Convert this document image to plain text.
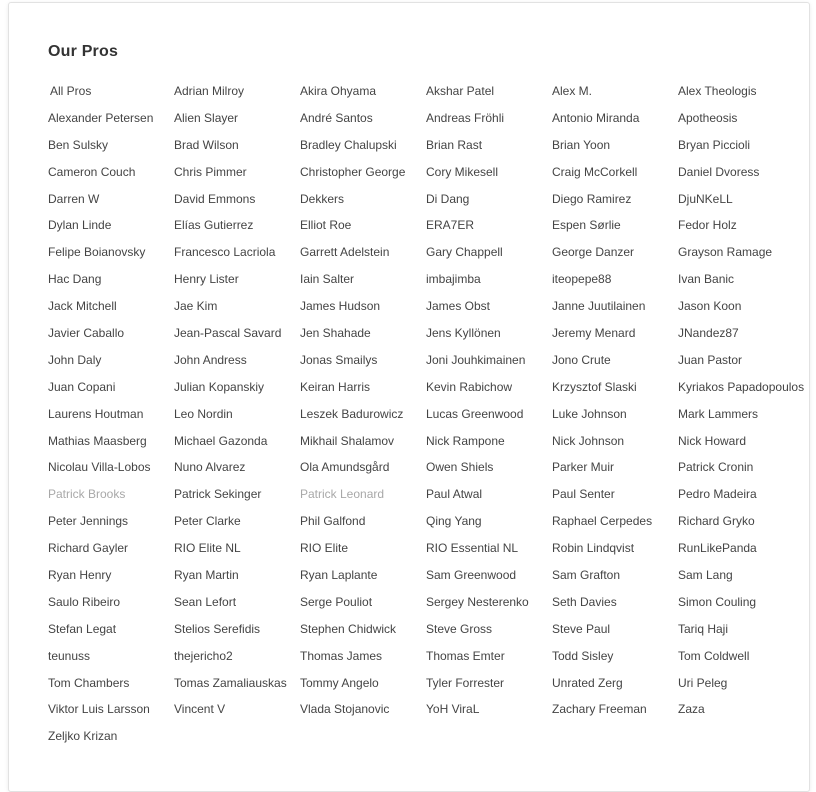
Our Pros
All Pros	Adrian Milroy	Akira Ohyama	Akshar Patel	Alex M.	Alex Theologis
Alexander Petersen	Alien Slayer	André Santos	Andreas Fröhli	Antonio Miranda	Apotheosis
Ben Sulsky	Brad Wilson	Bradley Chalupski	Brian Rast	Brian Yoon	Bryan Piccioli
Cameron Couch	Chris Pimmer	Christopher George	Cory Mikesell	Craig McCorkell	Daniel Dvoress
Darren W	David Emmons	Dekkers	Di Dang	Diego Ramirez	DjuNKeLL
Dylan Linde	Elías Gutierrez	Elliot Roe	ERA7ER	Espen Sørlie	Fedor Holz
Felipe Boianovsky	Francesco Lacriola	Garrett Adelstein	Gary Chappell	George Danzer	Grayson Ramage
Hac Dang	Henry Lister	Iain Salter	imbajimba	iteopepe88	Ivan Banic
Jack Mitchell	Jae Kim	James Hudson	James Obst	Janne Juutilainen	Jason Koon
Javier Caballo	Jean-Pascal Savard	Jen Shahade	Jens Kyllönen	Jeremy Menard	JNandez87
John Daly	John Andress	Jonas Smailys	Joni Jouhkimainen	Jono Crute	Juan Pastor
Juan Copani	Julian Kopanskiy	Keiran Harris	Kevin Rabichow	Krzysztof Slaski	Kyriakos Papadopoulos
Laurens Houtman	Leo Nordin	Leszek Badurowicz	Lucas Greenwood	Luke Johnson	Mark Lammers
Mathias Maasberg	Michael Gazonda	Mikhail Shalamov	Nick Rampone	Nick Johnson	Nick Howard
Nicolau Villa-Lobos	Nuno Alvarez	Ola Amundsgård	Owen Shiels	Parker Muir	Patrick Cronin
Patrick Brooks	Patrick Sekinger	Patrick Leonard	Paul Atwal	Paul Senter	Pedro Madeira
Peter Jennings	Peter Clarke	Phil Galfond	Qing Yang	Raphael Cerpedes	Richard Gryko
Richard Gayler	RIO Elite NL	RIO Elite	RIO Essential NL	Robin Lindqvist	RunLikePanda
Ryan Henry	Ryan Martin	Ryan Laplante	Sam Greenwood	Sam Grafton	Sam Lang
Saulo Ribeiro	Sean Lefort	Serge Pouliot	Sergey Nesterenko	Seth Davies	Simon Couling
Stefan Legat	Stelios Serefidis	Stephen Chidwick	Steve Gross	Steve Paul	Tariq Haji
teunuss	thejericho2	Thomas James	Thomas Emter	Todd Sisley	Tom Coldwell
Tom Chambers	Tomas Zamaliauskas	Tommy Angelo	Tyler Forrester	Unrated Zerg	Uri Peleg
Viktor Luis Larsson	Vincent V	Vlada Stojanovic	YoH ViraL	Zachary Freeman	Zaza
Zeljko Krizan
